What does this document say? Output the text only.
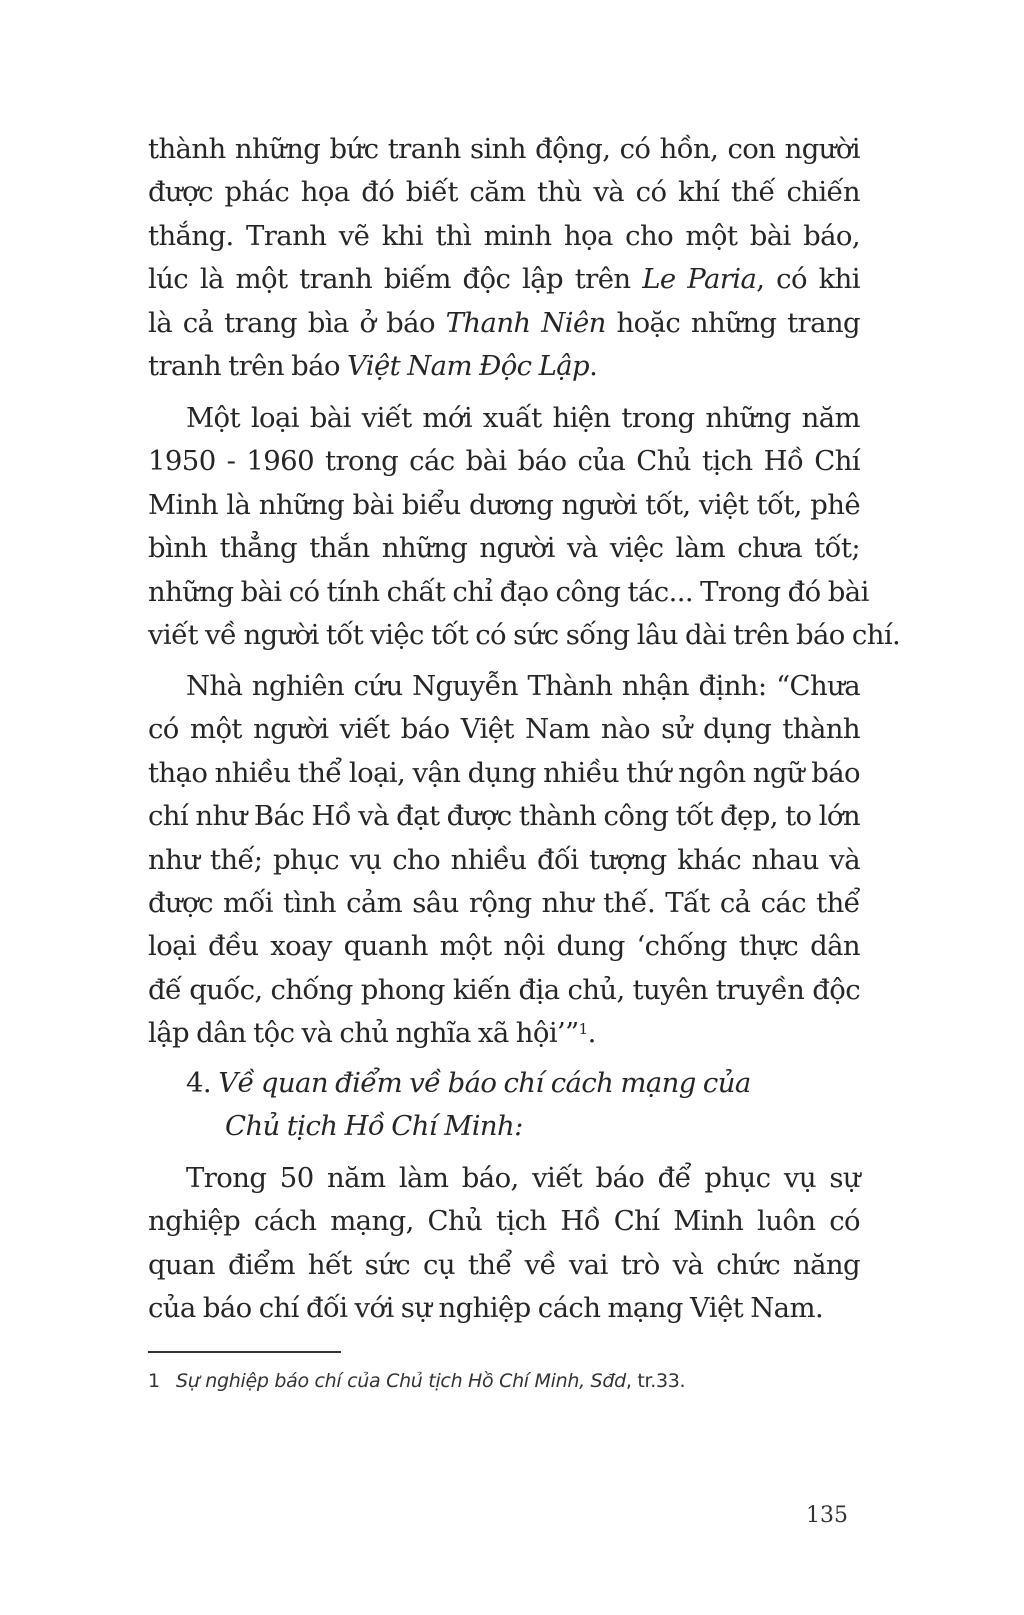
thành những bức tranh sinh động, có hồn, con người
được phác họa đó biết căm thù và có khí thế chiến
thắng. Tranh vẽ khi thì minh họa cho một bài báo,
lúc là một tranh biếm độc lập trên Le Paria, có khi
là cả trang bìa ở báo Thanh Niên hoặc những trang
tranh trên báo Việt Nam Độc Lập.
Một loại bài viết mới xuất hiện trong những năm
1950 - 1960 trong các bài báo của Chủ tịch Hồ Chí
Minh là những bài biểu dương người tốt, việt tốt, phê
bình thẳng thắn những người và việc làm chưa tốt;
những bài có tính chất chỉ đạo công tác... Trong đó bài
viết về người tốt việc tốt có sức sống lâu dài trên báo chí.
Nhà nghiên cứu Nguyễn Thành nhận định: “Chưa
có một người viết báo Việt Nam nào sử dụng thành
thạo nhiều thể loại, vận dụng nhiều thứ ngôn ngữ báo
chí như Bác Hồ và đạt được thành công tốt đẹp, to lớn
như thế; phục vụ cho nhiều đối tượng khác nhau và
được mối tình cảm sâu rộng như thế. Tất cả các thể
loại đều xoay quanh một nội dung ‘chống thực dân
đế quốc, chống phong kiến địa chủ, tuyên truyền độc
lập dân tộc và chủ nghĩa xã hội’”$^1$.
4. Về quan điểm về báo chí cách mạng của
Chủ tịch Hồ Chí Minh:
Trong 50 năm làm báo, viết báo để phục vụ sự
nghiệp cách mạng, Chủ tịch Hồ Chí Minh luôn có
quan điểm hết sức cụ thể về vai trò và chức năng
của báo chí đối với sự nghiệp cách mạng Việt Nam.
1 Sự nghiệp báo chí của Chủ tịch Hồ Chí Minh, Sđd, tr.33.
135
